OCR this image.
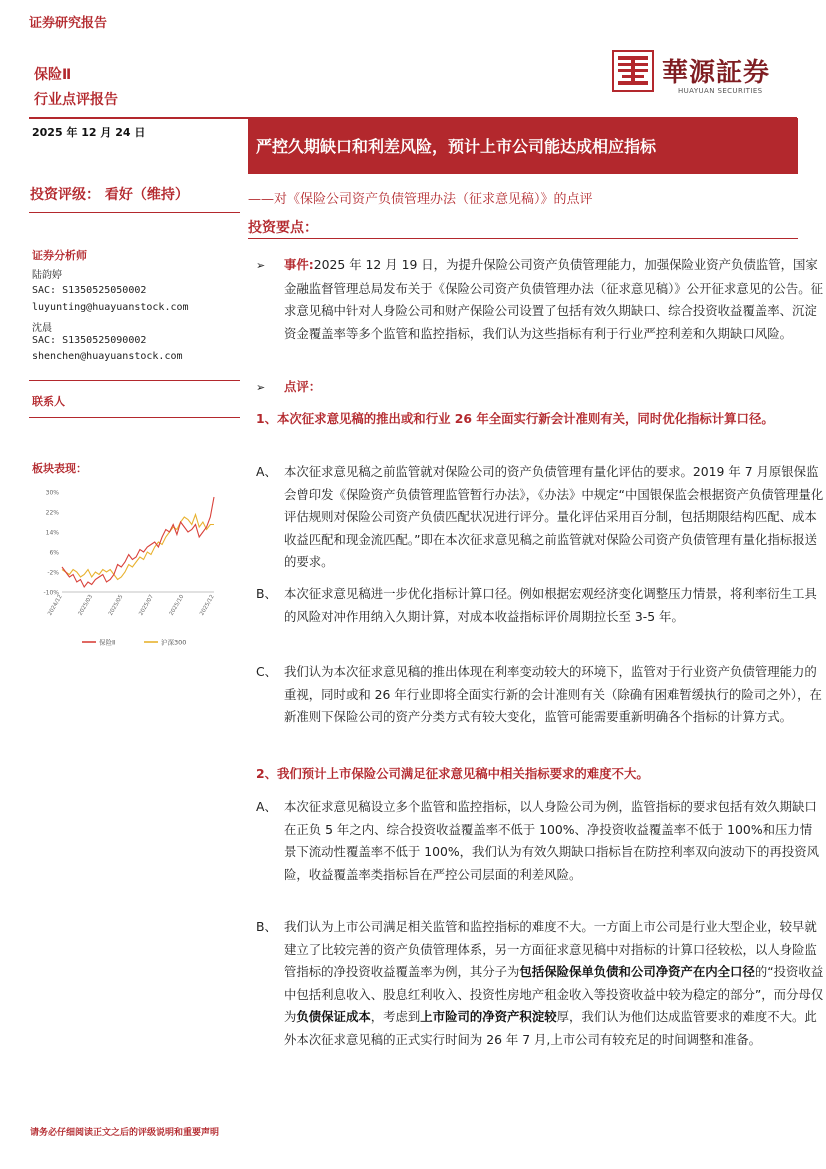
证券研究报告
保险Ⅱ
行业点评报告
華源証券
HUAYUAN SECURITIES
2025 年 12 月 24 日
严控久期缺口和利差风险，预计上市公司能达成相应指标
投资评级： 看好（维持）	——对《保险公司资产负债管理办法（征求意见稿）》的点评
投资要点：
证券分析师
陆韵婷
SAC: S1350525050002
luyunting@huayuanstock.com
沈晨
SAC: S1350525090002
shenchen@huayuanstock.com
联系人
板块表现：
30%
22%
14%
6%
-2%
-10%
2024/12	2025/03	2025/05	2025/07	2025/10	2025/12
保险Ⅱ	沪深300
➢ 事件:2025 年 12 月 19 日，为提升保险公司资产负债管理能力，加强保险业资产负债监管，国家金融监督管理总局发布关于《保险公司资产负债管理办法（征求意见稿）》公开征求意见的公告。征求意见稿中针对人身险公司和财产保险公司设置了包括有效久期缺口、综合投资收益覆盖率、沉淀资金覆盖率等多个监管和监控指标，我们认为这些指标有利于行业严控利差和久期缺口风险。
➢ 点评：
1、本次征求意见稿的推出或和行业 26 年全面实行新会计准则有关，同时优化指标计算口径。
A、 本次征求意见稿之前监管就对保险公司的资产负债管理有量化评估的要求。2019 年 7 月原银保监会曾印发《保险资产负债管理监管暂行办法》，《办法》中规定“中国银保监会根据资产负债管理量化评估规则对保险公司资产负债匹配状况进行评分。量化评估采用百分制，包括期限结构匹配、成本收益匹配和现金流匹配。”即在本次征求意见稿之前监管就对保险公司资产负债管理有量化指标报送的要求。
B、 本次征求意见稿进一步优化指标计算口径。例如根据宏观经济变化调整压力情景，将利率衍生工具的风险对冲作用纳入久期计算，对成本收益指标评价周期拉长至 3-5 年。
C、 我们认为本次征求意见稿的推出体现在利率变动较大的环境下，监管对于行业资产负债管理能力的重视，同时或和 26 年行业即将全面实行新的会计准则有关（除确有困难暂缓执行的险司之外），在新准则下保险公司的资产分类方式有较大变化，监管可能需要重新明确各个指标的计算方式。
2、我们预计上市保险公司满足征求意见稿中相关指标要求的难度不大。
A、 本次征求意见稿设立多个监管和监控指标，以人身险公司为例，监管指标的要求包括有效久期缺口在正负 5 年之内、综合投资收益覆盖率不低于 100%、净投资收益覆盖率不低于 100%和压力情景下流动性覆盖率不低于 100%，我们认为有效久期缺口指标旨在防控利率双向波动下的再投资风险，收益覆盖率类指标旨在严控公司层面的利差风险。
B、 我们认为上市公司满足相关监管和监控指标的难度不大。一方面上市公司是行业大型企业，较早就建立了比较完善的资产负债管理体系，另一方面征求意见稿中对指标的计算口径较松，以人身险监管指标的净投资收益覆盖率为例，其分子为包括保险保单负债和公司净资产在内全口径的“投资收益中包括利息收入、股息红利收入、投资性房地产租金收入等投资收益中较为稳定的部分”，而分母仅为负债保证成本，考虑到上市险司的净资产积淀较厚，我们认为他们达成监管要求的难度不大。此外本次征求意见稿的正式实行时间为 26 年 7 月,上市公司有较充足的时间调整和准备。
请务必仔细阅读正文之后的评级说明和重要声明
